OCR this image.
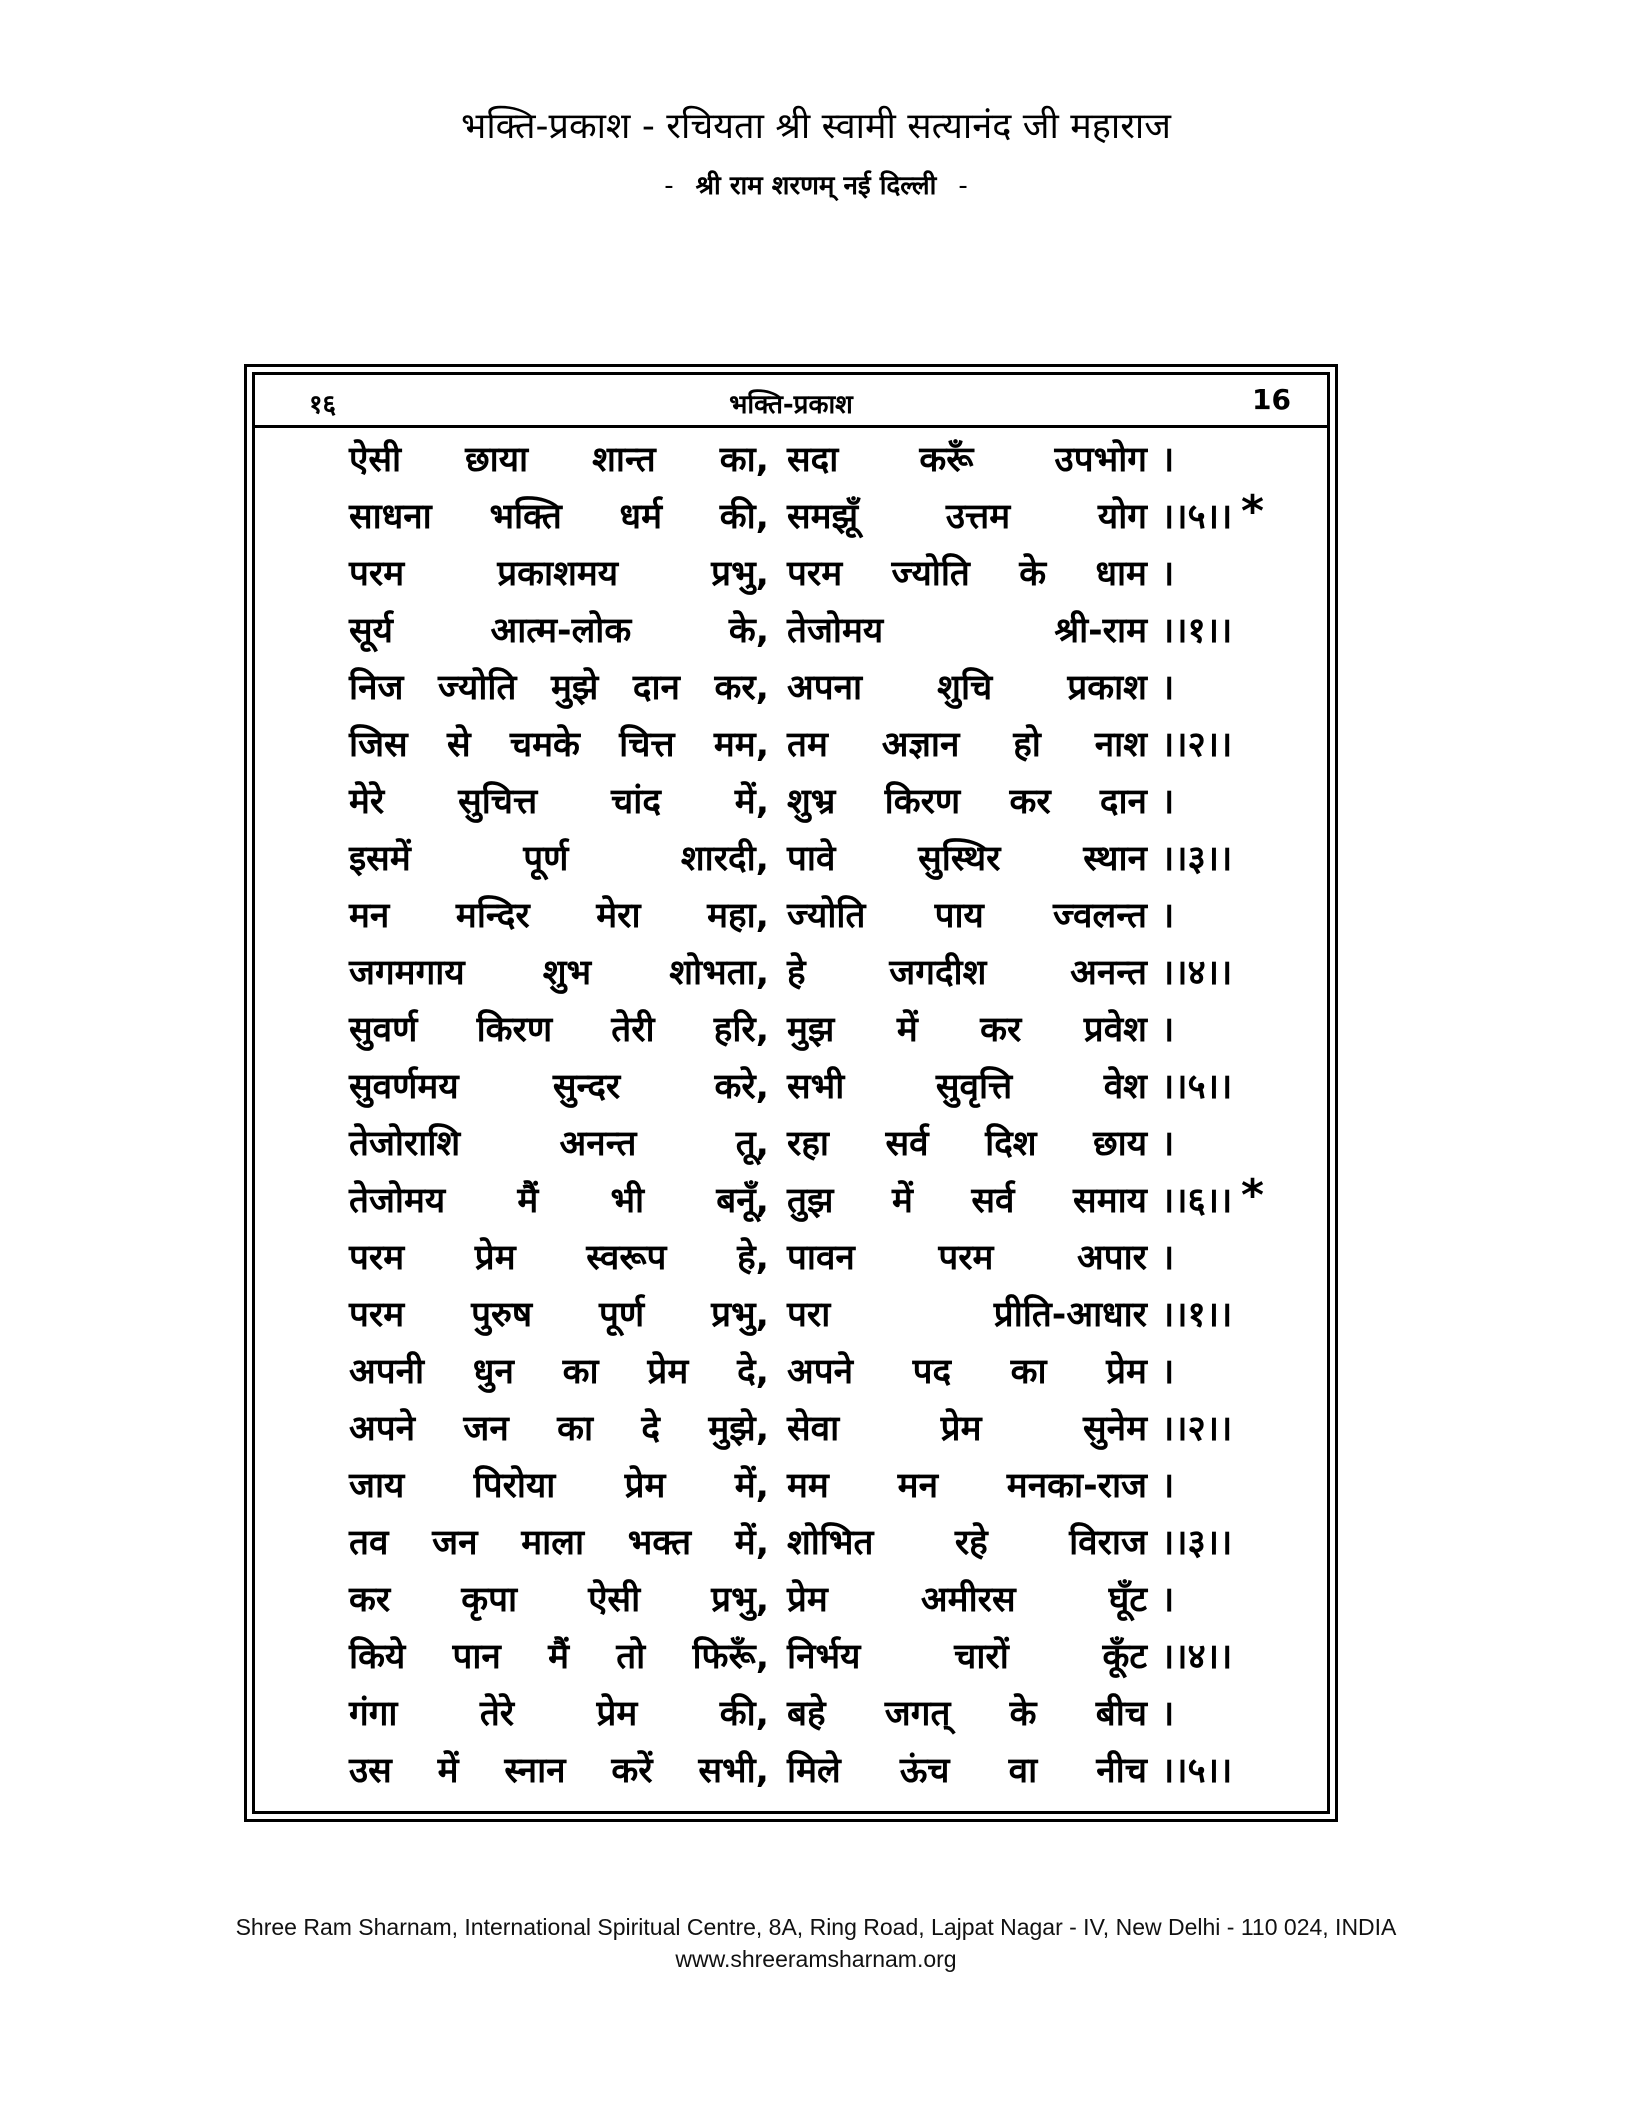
भक्ति-प्रकाश - रचियता श्री स्वामी सत्यानंद जी महाराज
- श्री राम शरणम् नई दिल्ली -
१६	भक्ति-प्रकाश	16
ऐसी छाया शान्त का, सदा करूँ उपभोग ।
साधना भक्ति धर्म की, समझूँ	उत्तम	योग ।।५।। *
परम	प्रकाशमय	प्रभु, परम ज्योति के धाम ।
सूर्य	आत्म-लोक	के, तेजोमय	श्री-राम ।।१।।
निज ज्योति मुझे दान कर, अपना शुचि प्रकाश ।
जिस से चमके चित्त मम, तम अज्ञान हो नाश ।।२।।
मेरे सुचित्त चांद में, शुभ्र किरण कर दान ।
इसमें	पूर्ण	शारदी, पावे सुस्थिर स्थान ।।३।।
मन मन्दिर मेरा महा, ज्योति पाय ज्वलन्त ।
जगमगाय शुभ शोभता, हे जगदीश अनन्त ।।४।।
सुवर्ण किरण तेरी हरि, मुझ में कर प्रवेश ।
सुवर्णमय	सुन्दर	करे, सभी	सुवृत्ति	वेश ।।५।।
तेजोराशि	अनन्त	तू, रहा सर्व दिश छाय ।
तेजोमय मैं भी बनूँ, तुझ में सर्व समाय ।।६।। *
परम प्रेम स्वरूप हे, पावन परम अपार ।
परम पुरुष पूर्ण प्रभु, परा	प्रीति-आधार ।।१।।
अपनी धुन का प्रेम दे, अपने पद का प्रेम ।
अपने जन का दे मुझे, सेवा	प्रेम	सुनेम ।।२।।
जाय पिरोया प्रेम में, मम मन मनका-राज ।
तव जन माला भक्त में, शोभित रहे विराज ।।३।।
कर कृपा ऐसी प्रभु, प्रेम	अमीरस	घूँट ।
किये पान मैं तो फिरूँ, निर्भय	चारों	कूँट ।।४।।
गंगा तेरे प्रेम की, बहे जगत् के बीच ।
उस में स्नान करें सभी, मिले ऊंच वा नीच ।।५।।
Shree Ram Sharnam, International Spiritual Centre, 8A, Ring Road, Lajpat Nagar - IV, New Delhi - 110 024, INDIA
www.shreeramsharnam.org
